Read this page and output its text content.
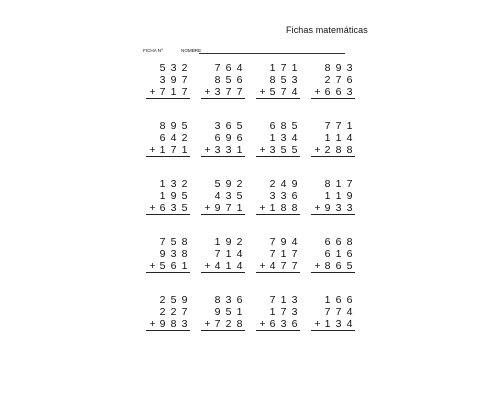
Fichas matemáticas
FICHA Nº	NOMBRE
5 3 2
3 9 7
+ 7 1 7
7 6 4
8 5 6
+ 3 7 7
1 7 1
8 5 3
+ 5 7 4
8 9 3
2 7 6
+ 6 6 3
8 9 5
6 4 2
+ 1 7 1
3 6 5
6 9 6
+ 3 3 1
6 8 5
1 3 4
+ 3 5 5
7 7 1
1 1 4
+ 2 8 8
1 3 2
1 9 5
+ 6 3 5
5 9 2
4 3 5
+ 9 7 1
2 4 9
3 3 6
+ 1 8 8
8 1 7
1 1 9
+ 9 3 3
7 5 8
9 3 8
+ 5 6 1
1 9 2
7 1 4
+ 4 1 4
7 9 4
7 1 7
+ 4 7 7
6 6 8
6 1 6
+ 8 6 5
2 5 9
2 2 7
+ 9 8 3
8 3 6
9 5 1
+ 7 2 8
7 1 3
1 7 3
+ 6 3 6
1 6 6
7 7 4
+ 1 3 4
